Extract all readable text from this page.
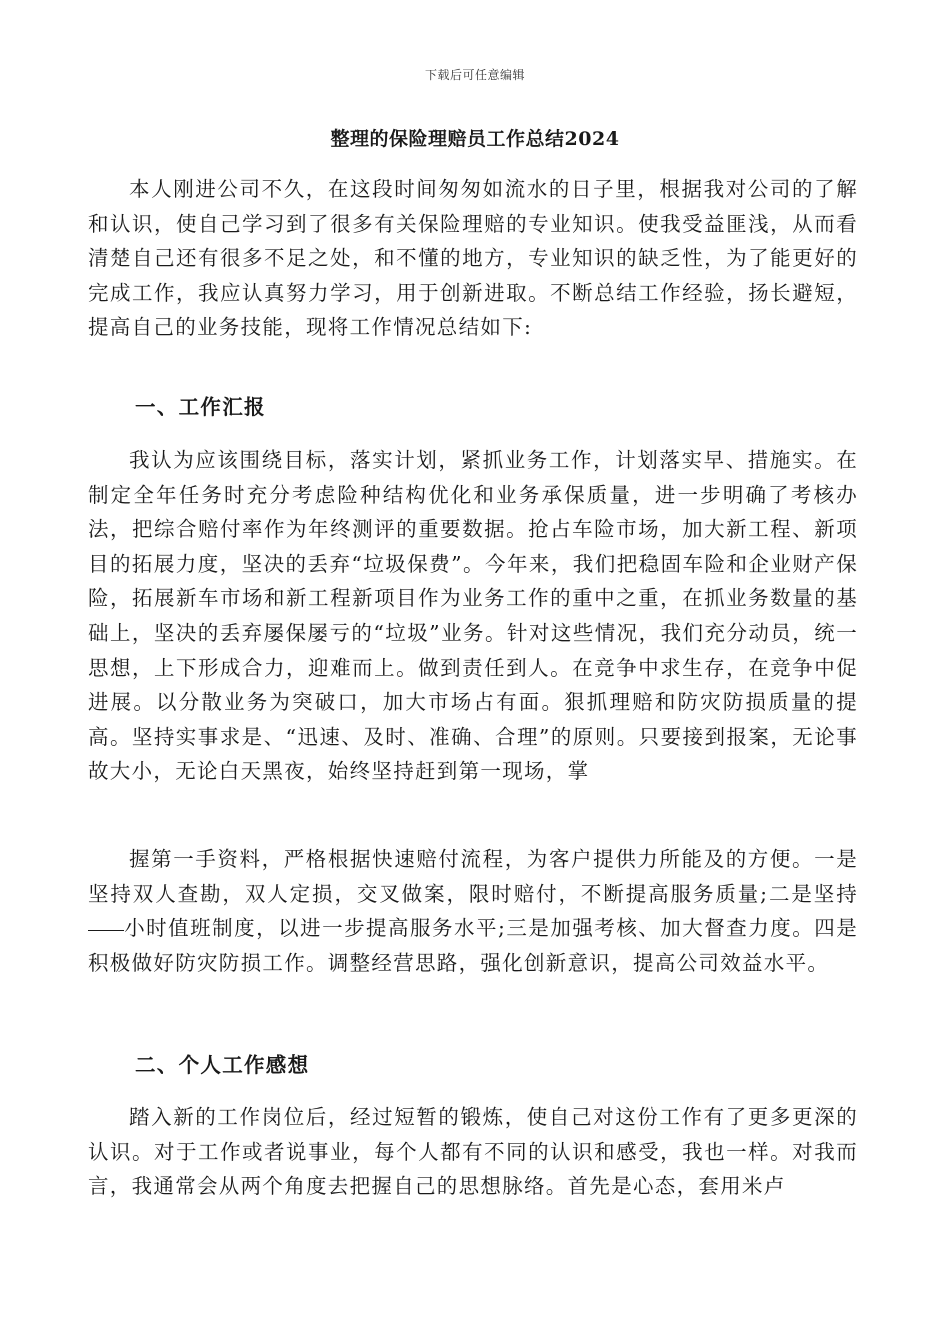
下载后可任意编辑
整理的保险理赔员工作总结2024

本人刚进公司不久，在这段时间匆匆如流水的日子里，根据我对公司的了解和认识，使自己学习到了很多有关保险理赔的专业知识。使我受益匪浅，从而看清楚自己还有很多不足之处，和不懂的地方，专业知识的缺乏性，为了能更好的完成工作，我应认真努力学习，用于创新进取。不断总结工作经验，扬长避短，提高自己的业务技能，现将工作情况总结如下:

一、工作汇报

我认为应该围绕目标，落实计划，紧抓业务工作，计划落实早、措施实。在制定全年任务时充分考虑险种结构优化和业务承保质量，进一步明确了考核办法，把综合赔付率作为年终测评的重要数据。抢占车险市场，加大新工程、新项目的拓展力度，坚决的丢弃“垃圾保费”。今年来，我们把稳固车险和企业财产保险，拓展新车市场和新工程新项目作为业务工作的重中之重，在抓业务数量的基础上，坚决的丢弃屡保屡亏的“垃圾”业务。针对这些情况，我们充分动员，统一思想，上下形成合力，迎难而上。做到责任到人。在竞争中求生存，在竞争中促进展。以分散业务为突破口，加大市场占有面。狠抓理赔和防灾防损质量的提高。坚持实事求是、“迅速、及时、准确、合理”的原则。只要接到报案，无论事故大小，无论白天黑夜，始终坚持赶到第一现场，掌

握第一手资料，严格根据快速赔付流程，为客户提供力所能及的方便。一是坚持双人查勘，双人定损，交叉做案，限时赔付，不断提高服务质量;二是坚持小时值班制度，以进一步提高服务水平;三是加强考核、加大督查力度。四是积极做好防灾防损工作。调整经营思路，强化创新意识，提高公司效益水平。

二、个人工作感想

踏入新的工作岗位后，经过短暂的锻炼，使自己对这份工作有了更多更深的认识。对于工作或者说事业，每个人都有不同的认识和感受，我也一样。对我而言，我通常会从两个角度去把握自己的思想脉络。首先是心态，套用米卢
